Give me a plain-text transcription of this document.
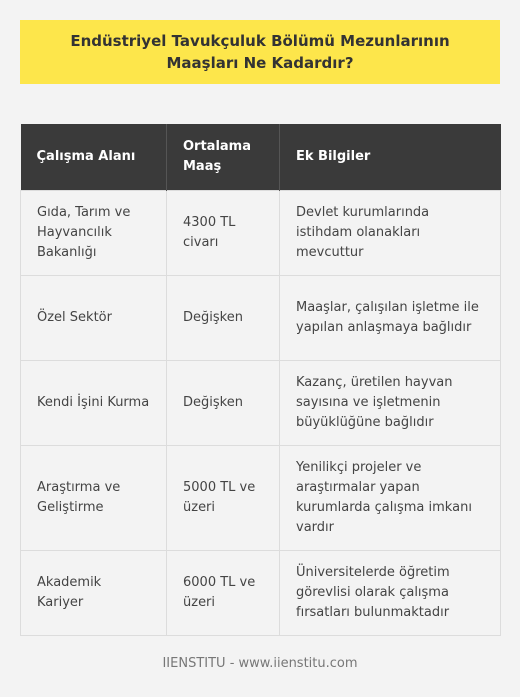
Endüstriyel Tavukçuluk Bölümü Mezunlarının Maaşları Ne Kadardır?
Çalışma Alanı	Ortalama Maaş	Ek Bilgiler
Gıda, Tarım ve Hayvancılık Bakanlığı	4300 TL civarı	Devlet kurumlarında istihdam olanakları mevcuttur
Özel Sektör	Değişken	Maaşlar, çalışılan işletme ile yapılan anlaşmaya bağlıdır
Kendi İşini Kurma	Değişken	Kazanç, üretilen hayvan sayısına ve işletmenin büyüklüğüne bağlıdır
Araştırma ve Geliştirme	5000 TL ve üzeri	Yenilikçi projeler ve araştırmalar yapan kurumlarda çalışma imkanı vardır
Akademik Kariyer	6000 TL ve üzeri	Üniversitelerde öğretim görevlisi olarak çalışma fırsatları bulunmaktadır
IIENSTITU - www.iienstitu.com
